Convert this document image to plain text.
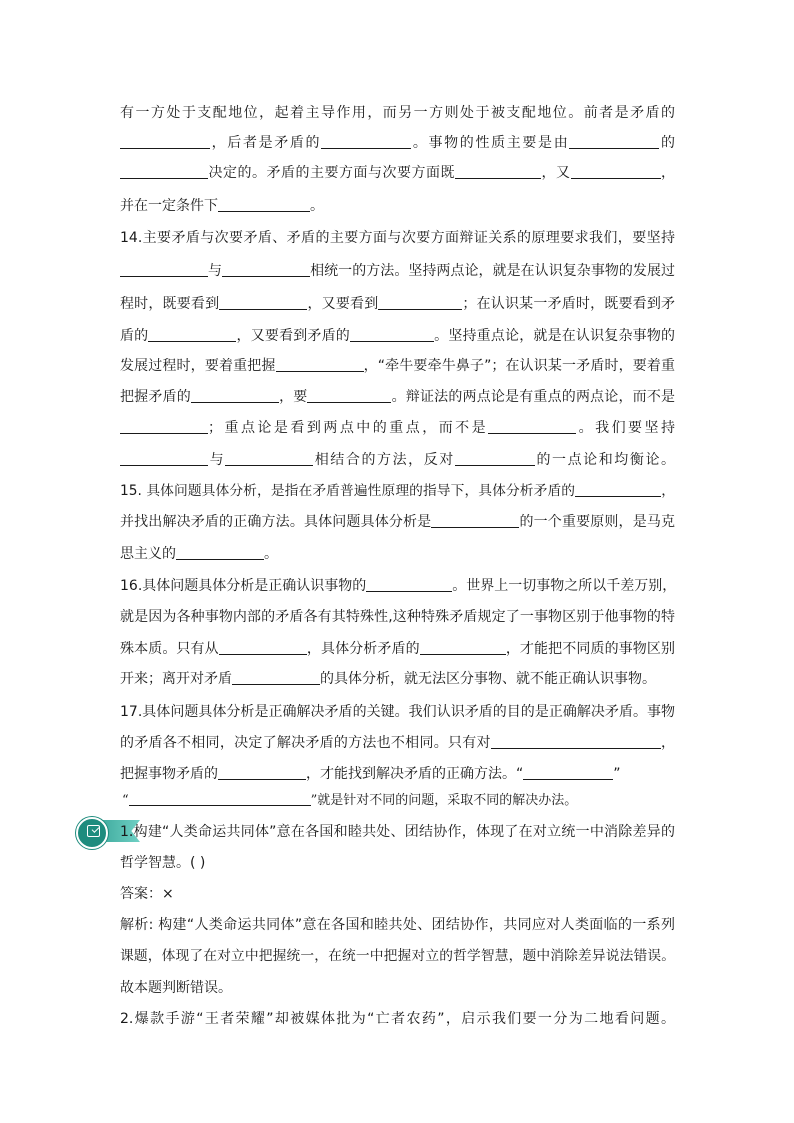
有一方处于支配地位，起着主导作用，而另一方则处于被支配地位。前者是矛盾的
，后者是矛盾的	。事物的性质主要是由	的
决定的。矛盾的主要方面与次要方面既	，又	，
并在一定条件下	。
14.主要矛盾与次要矛盾、矛盾的主要方面与次要方面辩证关系的原理要求我们，要坚持
与	相统一的方法。坚持两点论，就是在认识复杂事物的发展过
程时，既要看到	，又要看到	；在认识某一矛盾时，既要看到矛
盾的	，又要看到矛盾的	。坚持重点论，就是在认识复杂事物的
发展过程时，要着重把握	，“牵牛要牵牛鼻子”；在认识某一矛盾时，要着重
把握矛盾的	，要	。辩证法的两点论是有重点的两点论，而不是
；重点论是看到两点中的重点，而不是	。我们要坚持
与	相结合的方法，反对	的一点论和均衡论。
15. 具体问题具体分析，是指在矛盾普遍性原理的指导下，具体分析矛盾的	，
并找出解决矛盾的正确方法。具体问题具体分析是	的一个重要原则，是马克
思主义的	。
16.具体问题具体分析是正确认识事物的	。世界上一切事物之所以千差万别，
就是因为各种事物内部的矛盾各有其特殊性,这种特殊矛盾规定了一事物区别于他事物的特
殊本质。只有从	，具体分析矛盾的	，才能把不同质的事物区别
开来；离开对矛盾	的具体分析，就无法区分事物、就不能正确认识事物。
17.具体问题具体分析是正确解决矛盾的关键。我们认识矛盾的目的是正确解决矛盾。事物
的矛盾各不相同，决定了解决矛盾的方法也不相同。只有对	，
把握事物矛盾的	，才能找到解决矛盾的正确方法。“	”
“	”就是针对不同的问题，采取不同的解决办法。
1.构建“人类命运共同体”意在各国和睦共处、团结协作，体现了在对立统一中消除差异的
哲学智慧。( )
答案：×
解析: 构建“人类命运共同体”意在各国和睦共处、团结协作，共同应对人类面临的一系列
课题，体现了在对立中把握统一，在统一中把握对立的哲学智慧，题中消除差异说法错误。
故本题判断错误。
2.爆款手游“王者荣耀”却被媒体批为“亡者农药”，启示我们要一分为二地看问题。
